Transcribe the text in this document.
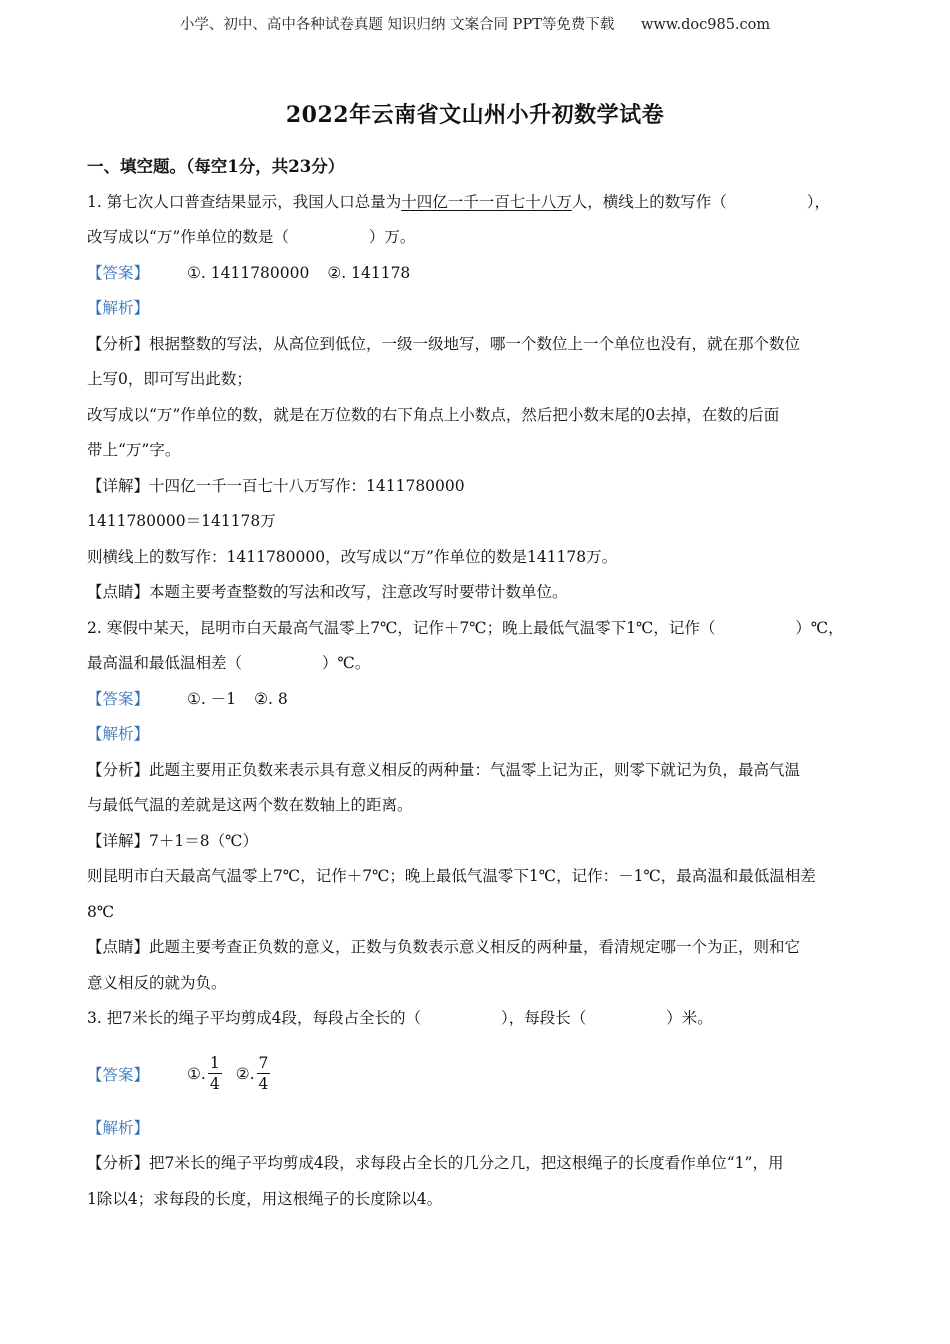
小学、初中、高中各种试卷真题 知识归纳 文案合同 PPT等免费下载 www.doc985.com
2022年云南省文山州小升初数学试卷
一、填空题。（每空1分，共23分）
1. 第七次人口普查结果显示，我国人口总量为十四亿一千一百七十八万人，横线上的数写作（	），
改写成以“万”作单位的数是（	）万。
【答案】	①. 1411780000 ②. 141178
【解析】
【分析】根据整数的写法，从高位到低位，一级一级地写，哪一个数位上一个单位也没有，就在那个数位
上写0，即可写出此数；
改写成以“万”作单位的数，就是在万位数的右下角点上小数点，然后把小数末尾的0去掉，在数的后面
带上“万”字。
【详解】十四亿一千一百七十八万写作：1411780000
1411780000＝141178万
则横线上的数写作：1411780000，改写成以“万”作单位的数是141178万。
【点睛】本题主要考查整数的写法和改写，注意改写时要带计数单位。
2. 寒假中某天，昆明市白天最高气温零上7℃，记作＋7℃；晚上最低气温零下1℃，记作（	）℃，
最高温和最低温相差（	）℃。
【答案】	①. －1 ②. 8
【解析】
【分析】此题主要用正负数来表示具有意义相反的两种量：气温零上记为正，则零下就记为负，最高气温
与最低气温的差就是这两个数在数轴上的距离。
【详解】7＋1＝8（℃）
则昆明市白天最高气温零上7℃，记作＋7℃；晚上最低气温零下1℃，记作：－1℃，最高温和最低温相差
8℃
【点睛】此题主要考查正负数的意义，正数与负数表示意义相反的两种量，看清规定哪一个为正，则和它
意义相反的就为负。
3. 把7米长的绳子平均剪成4段，每段占全长的（	），每段长（	）米。
【答案】	①. $\frac{1}{4}$ ②. $\frac{7}{4}$
【解析】
【分析】把7米长的绳子平均剪成4段，求每段占全长的几分之几，把这根绳子的长度看作单位“1”，用
1除以4；求每段的长度，用这根绳子的长度除以4。
